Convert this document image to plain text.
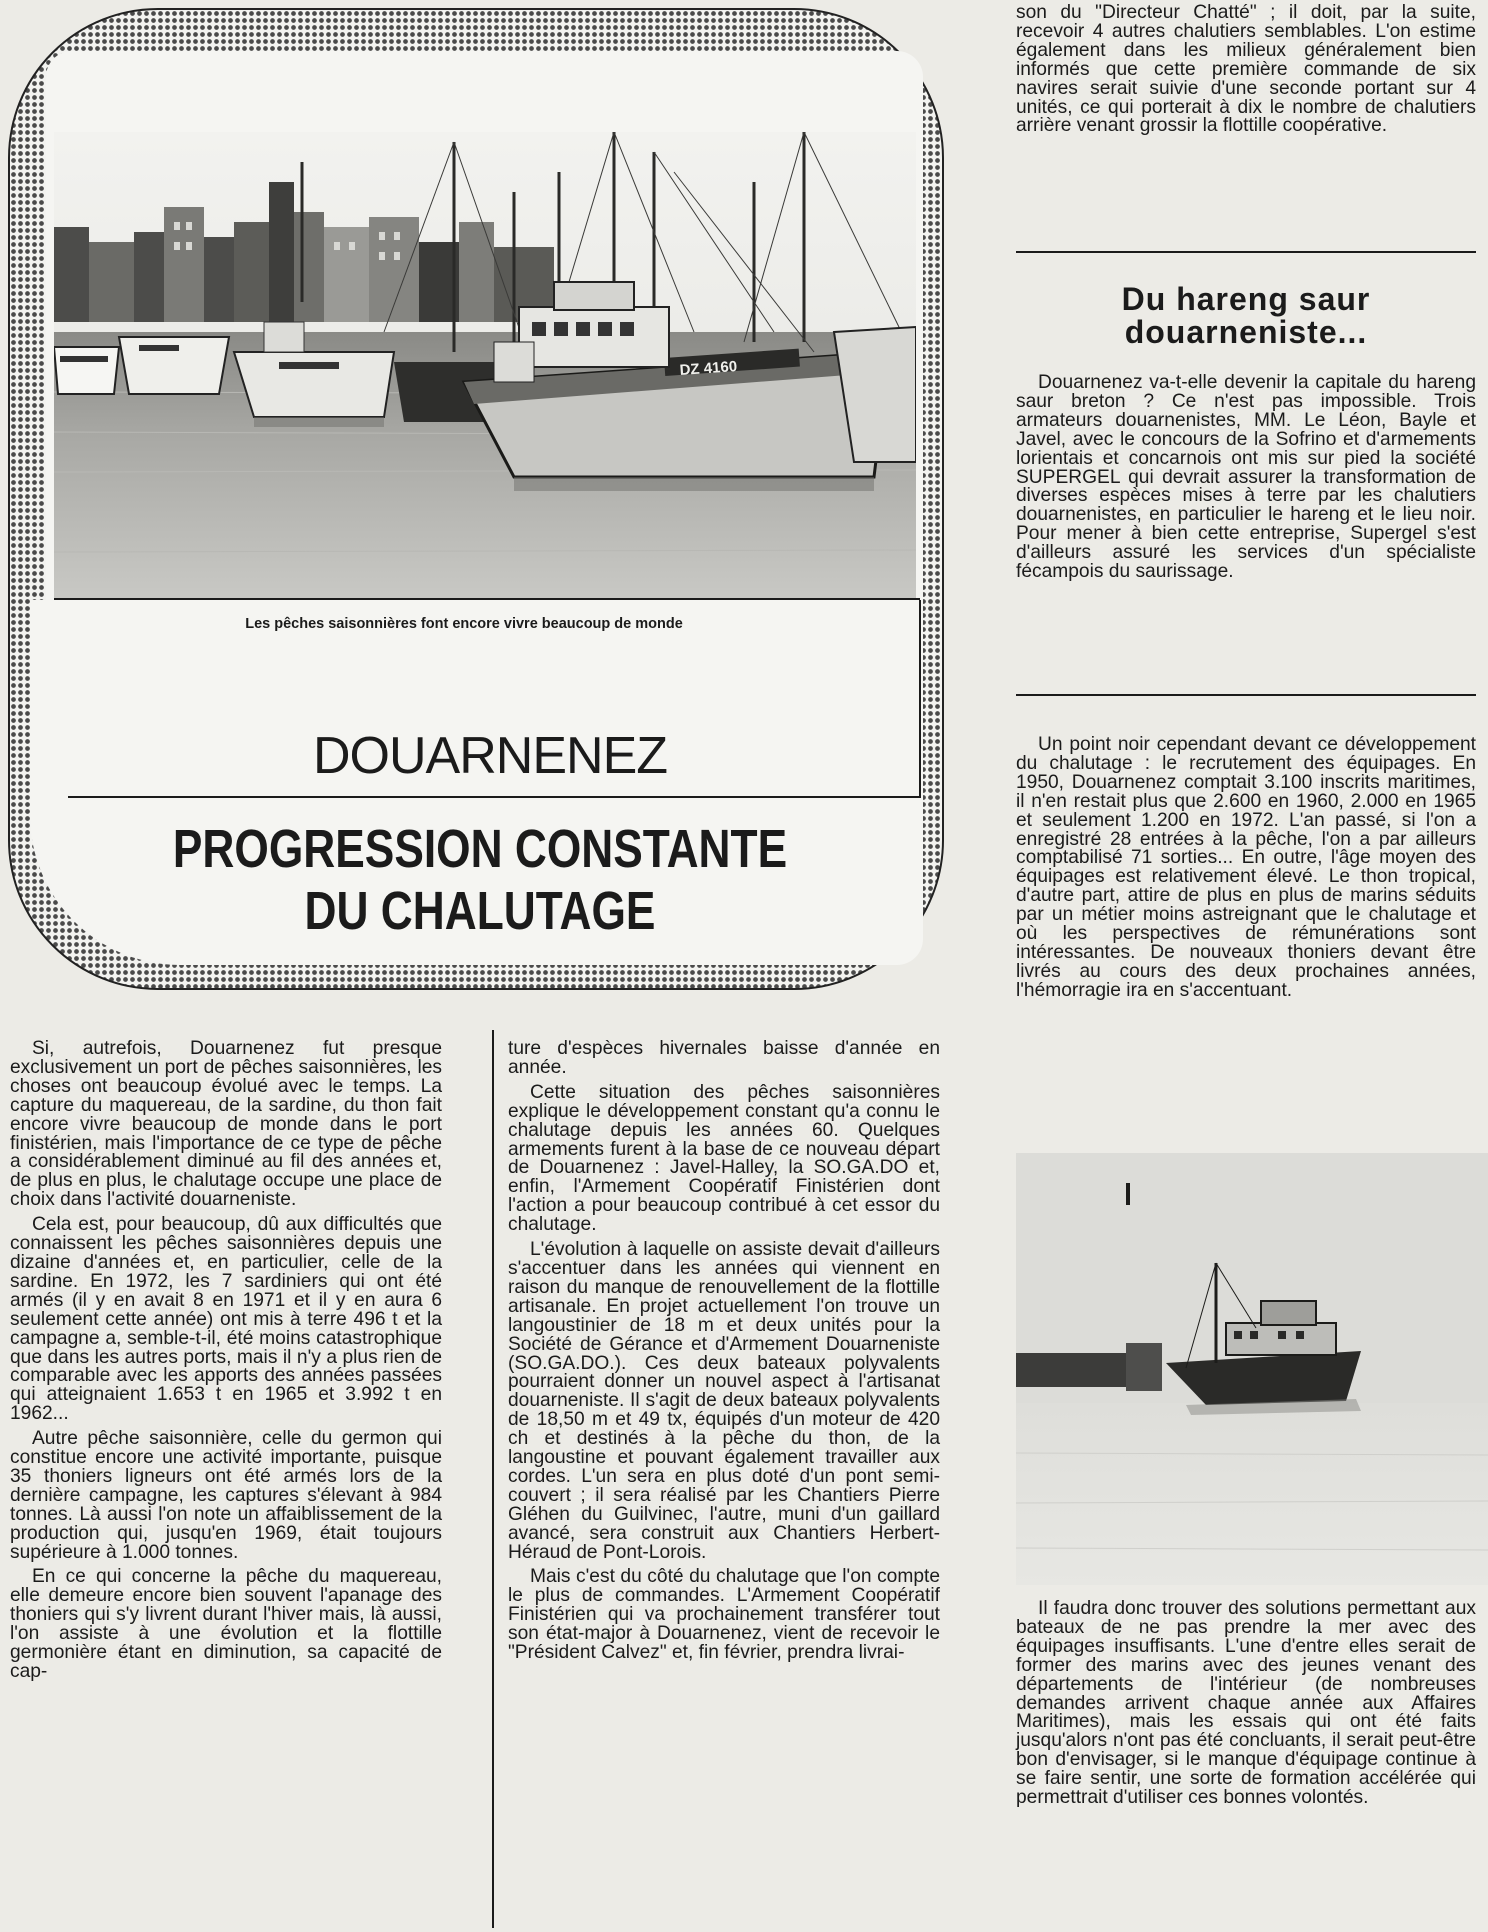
DZ 4160
Les pêches saisonnières font encore vivre beaucoup de monde
DOUARNENEZ
PROGRESSION CONSTANTE
DU CHALUTAGE

Si, autrefois, Douarnenez fut presque exclusivement un port de pêches saisonnières, les choses ont beaucoup évolué avec le temps. La capture du maquereau, de la sardine, du thon fait encore vivre beaucoup de monde dans le port finistérien, mais l'importance de ce type de pêche a considérablement diminué au fil des années et, de plus en plus, le chalutage occupe une place de choix dans l'activité douarneniste.

Cela est, pour beaucoup, dû aux difficultés que connaissent les pêches saisonnières depuis une dizaine d'années et, en particulier, celle de la sardine. En 1972, les 7 sardiniers qui ont été armés (il y en avait 8 en 1971 et il y en aura 6 seulement cette année) ont mis à terre 496 t et la campagne a, semble-t-il, été moins catastrophique que dans les autres ports, mais il n'y a plus rien de comparable avec les apports des années passées qui atteignaient 1.653 t en 1965 et 3.992 t en 1962...

Autre pêche saisonnière, celle du germon qui constitue encore une activité importante, puisque 35 thoniers ligneurs ont été armés lors de la dernière campagne, les captures s'élevant à 984 tonnes. Là aussi l'on note un affaiblissement de la production qui, jusqu'en 1969, était toujours supérieure à 1.000 tonnes.

En ce qui concerne la pêche du maquereau, elle demeure encore bien souvent l'apanage des thoniers qui s'y livrent durant l'hiver mais, là aussi, l'on assiste à une évolution et la flottille germonière étant en diminution, sa capacité de cap-

ture d'espèces hivernales baisse d'année en année.

Cette situation des pêches saisonnières explique le développement constant qu'a connu le chalutage depuis les années 60. Quelques armements furent à la base de ce nouveau départ de Douarnenez : Javel-Halley, la SO.GA.DO et, enfin, l'Armement Coopératif Finistérien dont l'action a pour beaucoup contribué à cet essor du chalutage.

L'évolution à laquelle on assiste devait d'ailleurs s'accentuer dans les années qui viennent en raison du manque de renouvellement de la flottille artisanale. En projet actuellement l'on trouve un langoustinier de 18 m et deux unités pour la Société de Gérance et d'Armement Douarneniste (SO.GA.DO.). Ces deux bateaux polyvalents pourraient donner un nouvel aspect à l'artisanat douarneniste. Il s'agit de deux bateaux polyvalents de 18,50 m et 49 tx, équipés d'un moteur de 420 ch et destinés à la pêche du thon, de la langoustine et pouvant également travailler aux cordes. L'un sera en plus doté d'un pont semi-couvert ; il sera réalisé par les Chantiers Pierre Gléhen du Guilvinec, l'autre, muni d'un gaillard avancé, sera construit aux Chantiers Herbert-Héraud de Pont-Lorois.

Mais c'est du côté du chalutage que l'on compte le plus de commandes. L'Armement Coopératif Finistérien qui va prochainement transférer tout son état-major à Douarnenez, vient de recevoir le "Président Calvez" et, fin février, prendra livrai-

son du "Directeur Chatté" ; il doit, par la suite, recevoir 4 autres chalutiers semblables. L'on estime également dans les milieux généralement bien informés que cette première commande de six navires serait suivie d'une seconde portant sur 4 unités, ce qui porterait à dix le nombre de chalutiers arrière venant grossir la flottille coopérative.

Du hareng saur
douarneniste...

Douarnenez va-t-elle devenir la capitale du hareng saur breton ? Ce n'est pas impossible. Trois armateurs douarnenistes, MM. Le Léon, Bayle et Javel, avec le concours de la Sofrino et d'armements lorientais et concarnois ont mis sur pied la société SUPERGEL qui devrait assurer la transformation de diverses espèces mises à terre par les chalutiers douarnenistes, en particulier le hareng et le lieu noir. Pour mener à bien cette entreprise, Supergel s'est d'ailleurs assuré les services d'un spécialiste fécampois du saurissage.

Un point noir cependant devant ce développement du chalutage : le recrutement des équipages. En 1950, Douarnenez comptait 3.100 inscrits maritimes, il n'en restait plus que 2.600 en 1960, 2.000 en 1965 et seulement 1.200 en 1972. L'an passé, si l'on a enregistré 28 entrées à la pêche, l'on a par ailleurs comptabilisé 71 sorties... En outre, l'âge moyen des équipages est relativement élevé. Le thon tropical, d'autre part, attire de plus en plus de marins séduits par un métier moins astreignant que le chalutage et où les perspectives de rémunérations sont intéressantes. De nouveaux thoniers devant être livrés au cours des deux prochaines années, l'hémorragie ira en s'accentuant.

Il faudra donc trouver des solutions permettant aux bateaux de ne pas prendre la mer avec des équipages insuffisants. L'une d'entre elles serait de former des marins avec des jeunes venant des départements de l'intérieur (de nombreuses demandes arrivent chaque année aux Affaires Maritimes), mais les essais qui ont été faits jusqu'alors n'ont pas été concluants, il serait peut-être bon d'envisager, si le manque d'équipage continue à se faire sentir, une sorte de formation accélérée qui permettrait d'utiliser ces bonnes volontés.
